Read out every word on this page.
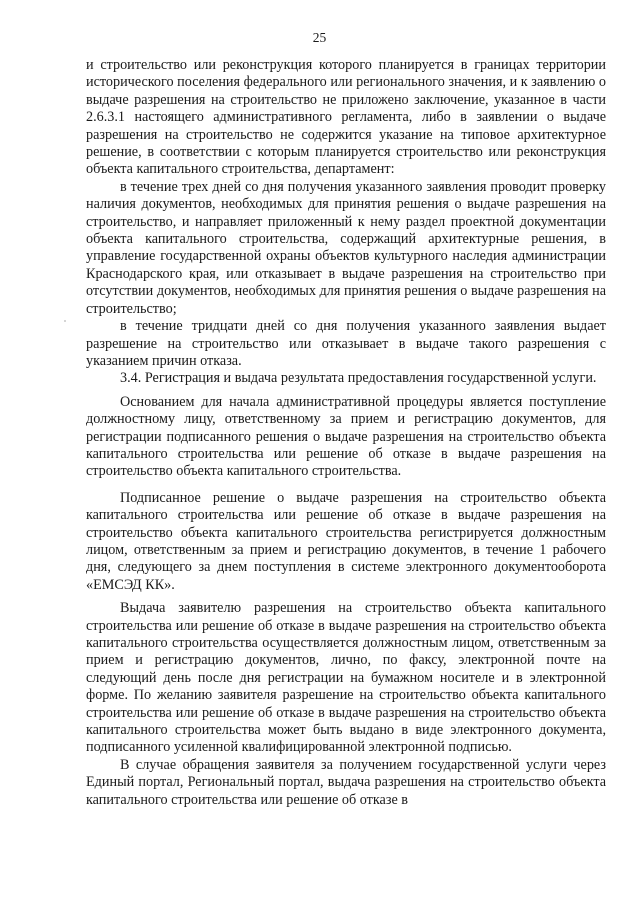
25

и строительство или реконструкция которого планируется в границах территории исторического поселения федерального или регионального значения, и к заявлению о выдаче разрешения на строительство не приложено заключение, указанное в части 2.6.3.1 настоящего административного регламента, либо в заявлении о выдаче разрешения на строительство не содержится указание на типовое архитектурное решение, в соответствии с которым планируется строительство или реконструкция объекта капитального строительства, департамент:

в течение трех дней со дня получения указанного заявления проводит проверку наличия документов, необходимых для принятия решения о выдаче разрешения на строительство, и направляет приложенный к нему раздел проектной документации объекта капитального строительства, содержащий архитектурные решения, в управление государственной охраны объектов культурного наследия администрации Краснодарского края, или отказывает в выдаче разрешения на строительство при отсутствии документов, необходимых для принятия решения о выдаче разрешения на строительство;

в течение тридцати дней со дня получения указанного заявления выдает разрешение на строительство или отказывает в выдаче такого разрешения с указанием причин отказа.

3.4. Регистрация и выдача результата предоставления государственной услуги.

Основанием для начала административной процедуры является поступление должностному лицу, ответственному за прием и регистрацию документов, для регистрации подписанного решения о выдаче разрешения на строительство объекта капитального строительства или решение об отказе в выдаче разрешения на строительство объекта капитального строительства.

Подписанное решение о выдаче разрешения на строительство объекта капитального строительства или решение об отказе в выдаче разрешения на строительство объекта капитального строительства регистрируется должностным лицом, ответственным за прием и регистрацию документов, в течение 1 рабочего дня, следующего за днем поступления в системе электронного документооборота «ЕМСЭД КК».

Выдача заявителю разрешения на строительство объекта капитального строительства или решение об отказе в выдаче разрешения на строительство объекта капитального строительства осуществляется должностным лицом, ответственным за прием и регистрацию документов, лично, по факсу, электронной почте на следующий день после дня регистрации на бумажном носителе и в электронной форме. По желанию заявителя разрешение на строительство объекта капитального строительства или решение об отказе в выдаче разрешения на строительство объекта капитального строительства может быть выдано в виде электронного документа, подписанного усиленной квалифицированной электронной подписью.

В случае обращения заявителя за получением государственной услуги через Единый портал, Региональный портал, выдача разрешения на строительство объекта капитального строительства или решение об отказе в
